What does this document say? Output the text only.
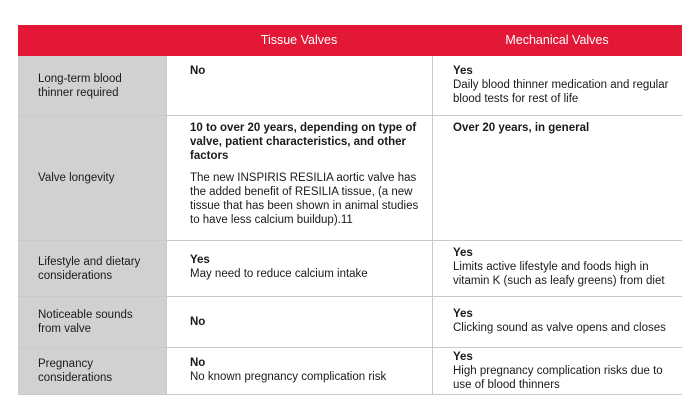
Tissue Valves	Mechanical Valves
Long-term blood thinner required
No	Yes
Daily blood thinner medication and regular blood tests for rest of life
Valve longevity
10 to over 20 years, depending on type of valve, patient characteristics, and other factors
The new INSPIRIS RESILIA aortic valve has the added benefit of RESILIA tissue, (a new tissue that has been shown in animal studies to have less calcium buildup).11
Over 20 years, in general
Lifestyle and dietary considerations
Yes
May need to reduce calcium intake
Yes
Limits active lifestyle and foods high in vitamin K (such as leafy greens) from diet
Noticeable sounds from valve
No
Yes
Clicking sound as valve opens and closes
Pregnancy considerations
No
No known pregnancy complication risk
Yes
High pregnancy complication risks due to use of blood thinners
